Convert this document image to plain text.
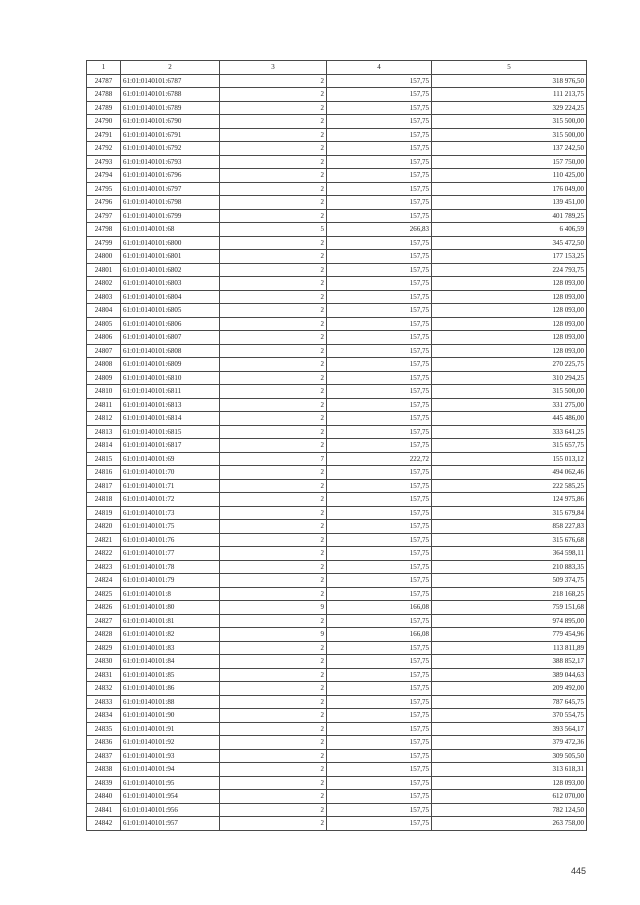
1	2	3	4	5
24787	61:01:0140101:6787	2	157,75	318 976,50
24788	61:01:0140101:6788	2	157,75	111 213,75
24789	61:01:0140101:6789	2	157,75	329 224,25
24790	61:01:0140101:6790	2	157,75	315 500,00
24791	61:01:0140101:6791	2	157,75	315 500,00
24792	61:01:0140101:6792	2	157,75	137 242,50
24793	61:01:0140101:6793	2	157,75	157 750,00
24794	61:01:0140101:6796	2	157,75	110 425,00
24795	61:01:0140101:6797	2	157,75	176 049,00
24796	61:01:0140101:6798	2	157,75	139 451,00
24797	61:01:0140101:6799	2	157,75	401 789,25
24798	61:01:0140101:68	5	266,83	6 406,59
24799	61:01:0140101:6800	2	157,75	345 472,50
24800	61:01:0140101:6801	2	157,75	177 153,25
24801	61:01:0140101:6802	2	157,75	224 793,75
24802	61:01:0140101:6803	2	157,75	128 093,00
24803	61:01:0140101:6804	2	157,75	128 093,00
24804	61:01:0140101:6805	2	157,75	128 093,00
24805	61:01:0140101:6806	2	157,75	128 093,00
24806	61:01:0140101:6807	2	157,75	128 093,00
24807	61:01:0140101:6808	2	157,75	128 093,00
24808	61:01:0140101:6809	2	157,75	270 225,75
24809	61:01:0140101:6810	2	157,75	310 294,25
24810	61:01:0140101:6811	2	157,75	315 500,00
24811	61:01:0140101:6813	2	157,75	331 275,00
24812	61:01:0140101:6814	2	157,75	445 486,00
24813	61:01:0140101:6815	2	157,75	333 641,25
24814	61:01:0140101:6817	2	157,75	315 657,75
24815	61:01:0140101:69	7	222,72	155 013,12
24816	61:01:0140101:70	2	157,75	494 062,46
24817	61:01:0140101:71	2	157,75	222 585,25
24818	61:01:0140101:72	2	157,75	124 975,86
24819	61:01:0140101:73	2	157,75	315 679,84
24820	61:01:0140101:75	2	157,75	858 227,83
24821	61:01:0140101:76	2	157,75	315 676,68
24822	61:01:0140101:77	2	157,75	364 598,11
24823	61:01:0140101:78	2	157,75	210 883,35
24824	61:01:0140101:79	2	157,75	509 374,75
24825	61:01:0140101:8	2	157,75	218 168,25
24826	61:01:0140101:80	9	166,08	759 151,68
24827	61:01:0140101:81	2	157,75	974 895,00
24828	61:01:0140101:82	9	166,08	779 454,96
24829	61:01:0140101:83	2	157,75	113 811,89
24830	61:01:0140101:84	2	157,75	388 852,17
24831	61:01:0140101:85	2	157,75	389 044,63
24832	61:01:0140101:86	2	157,75	209 492,00
24833	61:01:0140101:88	2	157,75	787 645,75
24834	61:01:0140101:90	2	157,75	370 554,75
24835	61:01:0140101:91	2	157,75	393 564,17
24836	61:01:0140101:92	2	157,75	379 472,36
24837	61:01:0140101:93	2	157,75	309 505,50
24838	61:01:0140101:94	2	157,75	313 618,31
24839	61:01:0140101:95	2	157,75	128 093,00
24840	61:01:0140101:954	2	157,75	612 070,00
24841	61:01:0140101:956	2	157,75	782 124,50
24842	61:01:0140101:957	2	157,75	263 758,00
445
